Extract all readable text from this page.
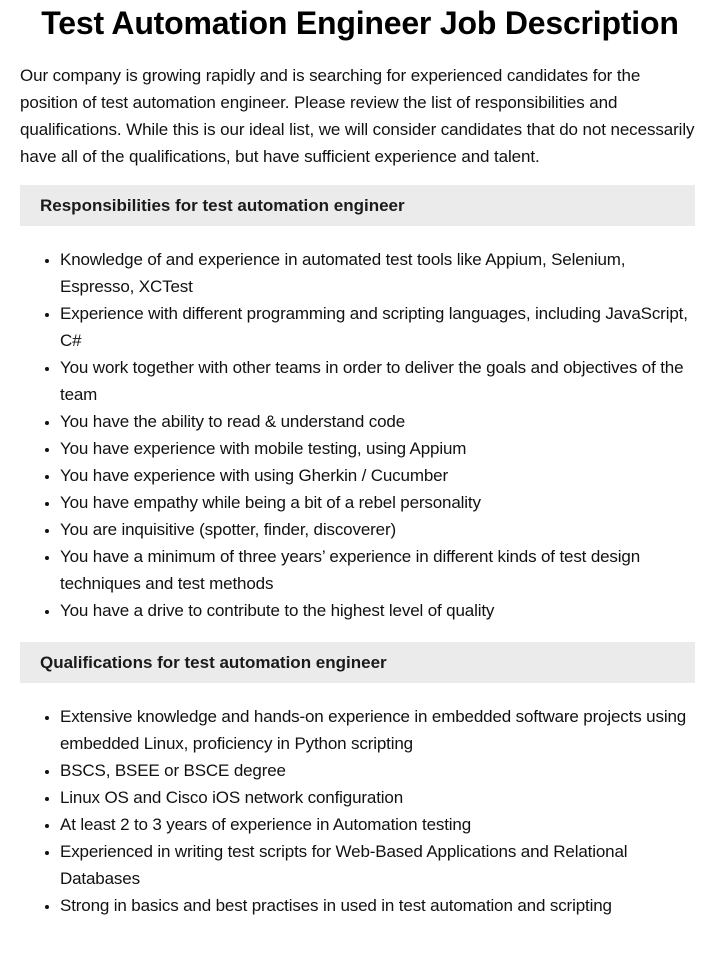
Test Automation Engineer Job Description

Our company is growing rapidly and is searching for experienced candidates for the position of test automation engineer. Please review the list of responsibilities and qualifications. While this is our ideal list, we will consider candidates that do not necessarily have all of the qualifications, but have sufficient experience and talent.

Responsibilities for test automation engineer
• Knowledge of and experience in automated test tools like Appium, Selenium, Espresso, XCTest
• Experience with different programming and scripting languages, including JavaScript, C#
• You work together with other teams in order to deliver the goals and objectives of the team
• You have the ability to read & understand code
• You have experience with mobile testing, using Appium
• You have experience with using Gherkin / Cucumber
• You have empathy while being a bit of a rebel personality
• You are inquisitive (spotter, finder, discoverer)
• You have a minimum of three years’ experience in different kinds of test design techniques and test methods
• You have a drive to contribute to the highest level of quality
Qualifications for test automation engineer
• Extensive knowledge and hands-on experience in embedded software projects using embedded Linux, proficiency in Python scripting
• BSCS, BSEE or BSCE degree
• Linux OS and Cisco iOS network configuration
• At least 2 to 3 years of experience in Automation testing
• Experienced in writing test scripts for Web-Based Applications and Relational Databases
• Strong in basics and best practises in used in test automation and scripting
